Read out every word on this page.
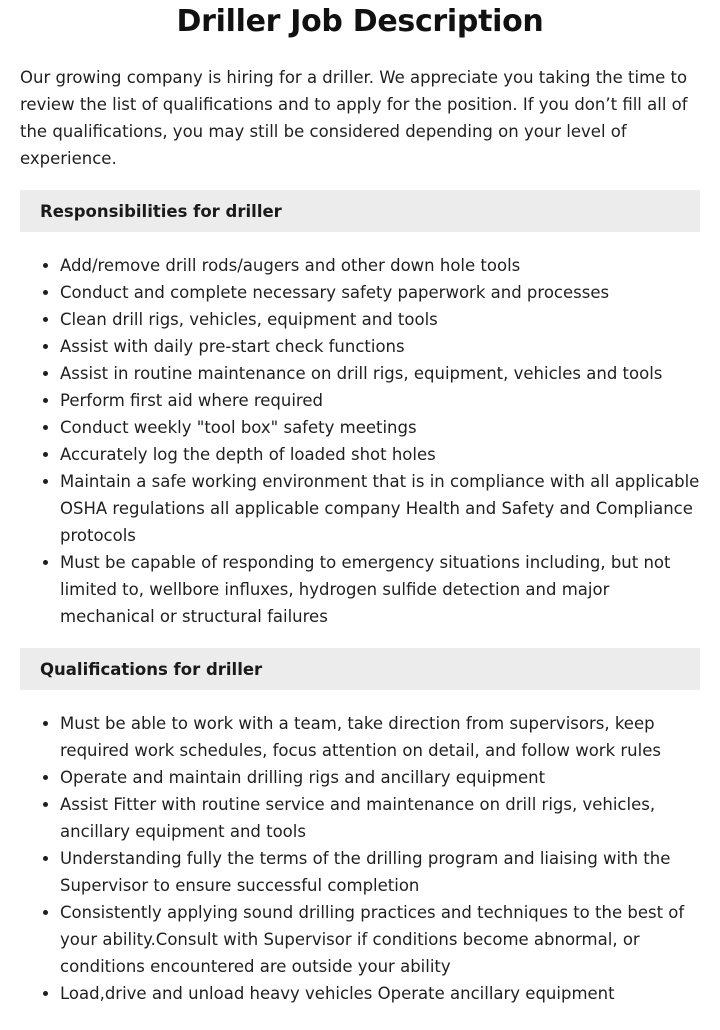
Driller Job Description

Our growing company is hiring for a driller. We appreciate you taking the time to review the list of qualifications and to apply for the position. If you don’t fill all of the qualifications, you may still be considered depending on your level of experience.

Responsibilities for driller
• Add/remove drill rods/augers and other down hole tools
• Conduct and complete necessary safety paperwork and processes
• Clean drill rigs, vehicles, equipment and tools
• Assist with daily pre-start check functions
• Assist in routine maintenance on drill rigs, equipment, vehicles and tools
• Perform first aid where required
• Conduct weekly "tool box" safety meetings
• Accurately log the depth of loaded shot holes
• Maintain a safe working environment that is in compliance with all applicable OSHA regulations all applicable company Health and Safety and Compliance protocols
• Must be capable of responding to emergency situations including, but not limited to, wellbore influxes, hydrogen sulfide detection and major mechanical or structural failures
Qualifications for driller
• Must be able to work with a team, take direction from supervisors, keep required work schedules, focus attention on detail, and follow work rules
• Operate and maintain drilling rigs and ancillary equipment
• Assist Fitter with routine service and maintenance on drill rigs, vehicles, ancillary equipment and tools
• Understanding fully the terms of the drilling program and liaising with the Supervisor to ensure successful completion
• Consistently applying sound drilling practices and techniques to the best of your ability.Consult with Supervisor if conditions become abnormal, or conditions encountered are outside your ability
• Load,drive and unload heavy vehicles Operate ancillary equipment
